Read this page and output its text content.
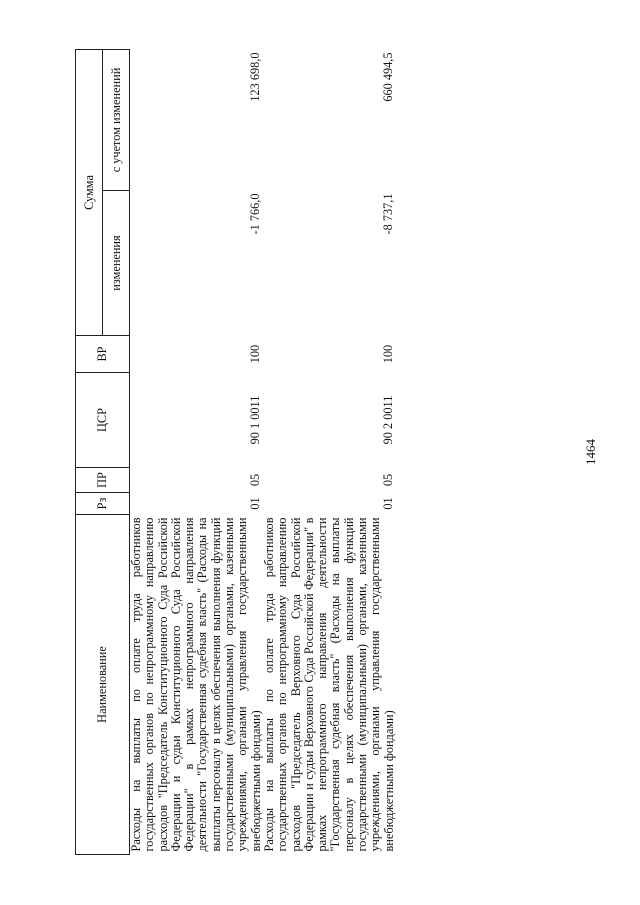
1464
Наименование	Рз	ПР	ЦСР	ВР	Сумма	
					изменения	с учетом изменений
Расходы на выплаты по оплате труда работников государственных органов по непрограммному направлению расходов "Председатель Конституционного Суда Российской Федерации и судьи Конституционного Суда Российской Федерации" в рамках непрограммного направления деятельности "Государственная судебная власть" (Расходы на выплаты персоналу в целях обеспечения выполнения функций государственными (муниципальными) органами, казенными учреждениями, органами управления государственными внебюджетными фондами)	01	05	90 1 0011	100	-1 766,0	123 698,0
Расходы на выплаты по оплате труда работников государственных органов по непрограммному направлению расходов "Председатель Верховного Суда Российской Федерации и судьи Верховного Суда Российской Федерации" в рамках непрограммного направления деятельности "Государственная судебная власть" (Расходы на выплаты персоналу в целях обеспечения выполнения функций государственными (муниципальными) органами, казенными учреждениями, органами управления государственными внебюджетными фондами)	01	05	90 2 0011	100	-8 737,1	660 494,5
